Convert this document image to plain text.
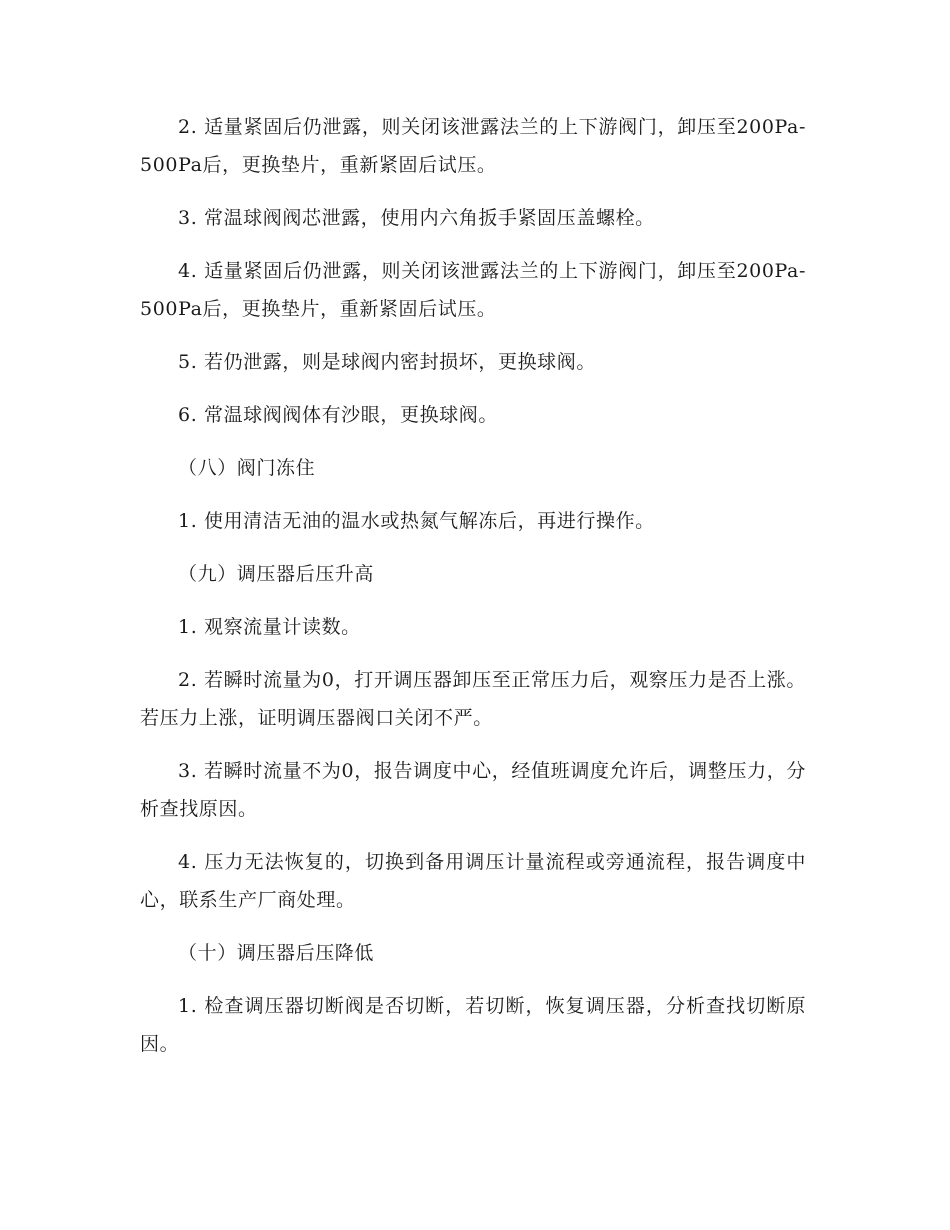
2. 适量紧固后仍泄露，则关闭该泄露法兰的上下游阀门，卸压至200Pa-500Pa后，更换垫片，重新紧固后试压。

3. 常温球阀阀芯泄露，使用内六角扳手紧固压盖螺栓。

4. 适量紧固后仍泄露，则关闭该泄露法兰的上下游阀门，卸压至200Pa-500Pa后，更换垫片，重新紧固后试压。

5. 若仍泄露，则是球阀内密封损坏，更换球阀。

6. 常温球阀阀体有沙眼，更换球阀。

（八）阀门冻住

1. 使用清洁无油的温水或热氮气解冻后，再进行操作。

（九）调压器后压升高

1. 观察流量计读数。

2. 若瞬时流量为0，打开调压器卸压至正常压力后，观察压力是否上涨。若压力上涨，证明调压器阀口关闭不严。

3. 若瞬时流量不为0，报告调度中心，经值班调度允许后，调整压力，分析查找原因。

4. 压力无法恢复的，切换到备用调压计量流程或旁通流程，报告调度中心，联系生产厂商处理。

（十）调压器后压降低

1. 检查调压器切断阀是否切断，若切断，恢复调压器，分析查找切断原因。
